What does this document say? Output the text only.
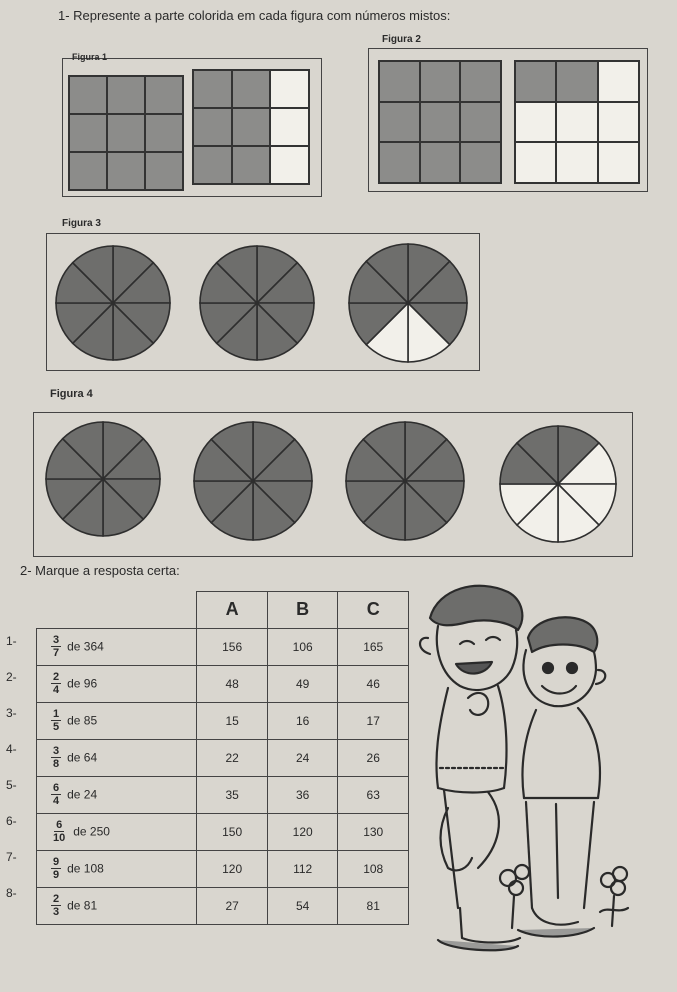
1- Represente a parte colorida em cada figura com números mistos:
Figura 1
Figura 2
Figura 3
Figura 4
2- Marque a resposta certa:
	A	B	C

$\frac{3}{7}$ de 364	156	106	165

$\frac{2}{4}$ de 96	48	49	46

$\frac{1}{5}$ de 85	15	16	17

$\frac{3}{8}$ de 64	22	24	26

$\frac{6}{4}$ de 24	35	36	63

$\frac{6}{10}$ de 250	150	120	130

$\frac{9}{9}$ de 108	120	112	108

$\frac{2}{3}$ de 81	27	54	81
1-
2-
3-
4-
5-
6-
7-
8-
